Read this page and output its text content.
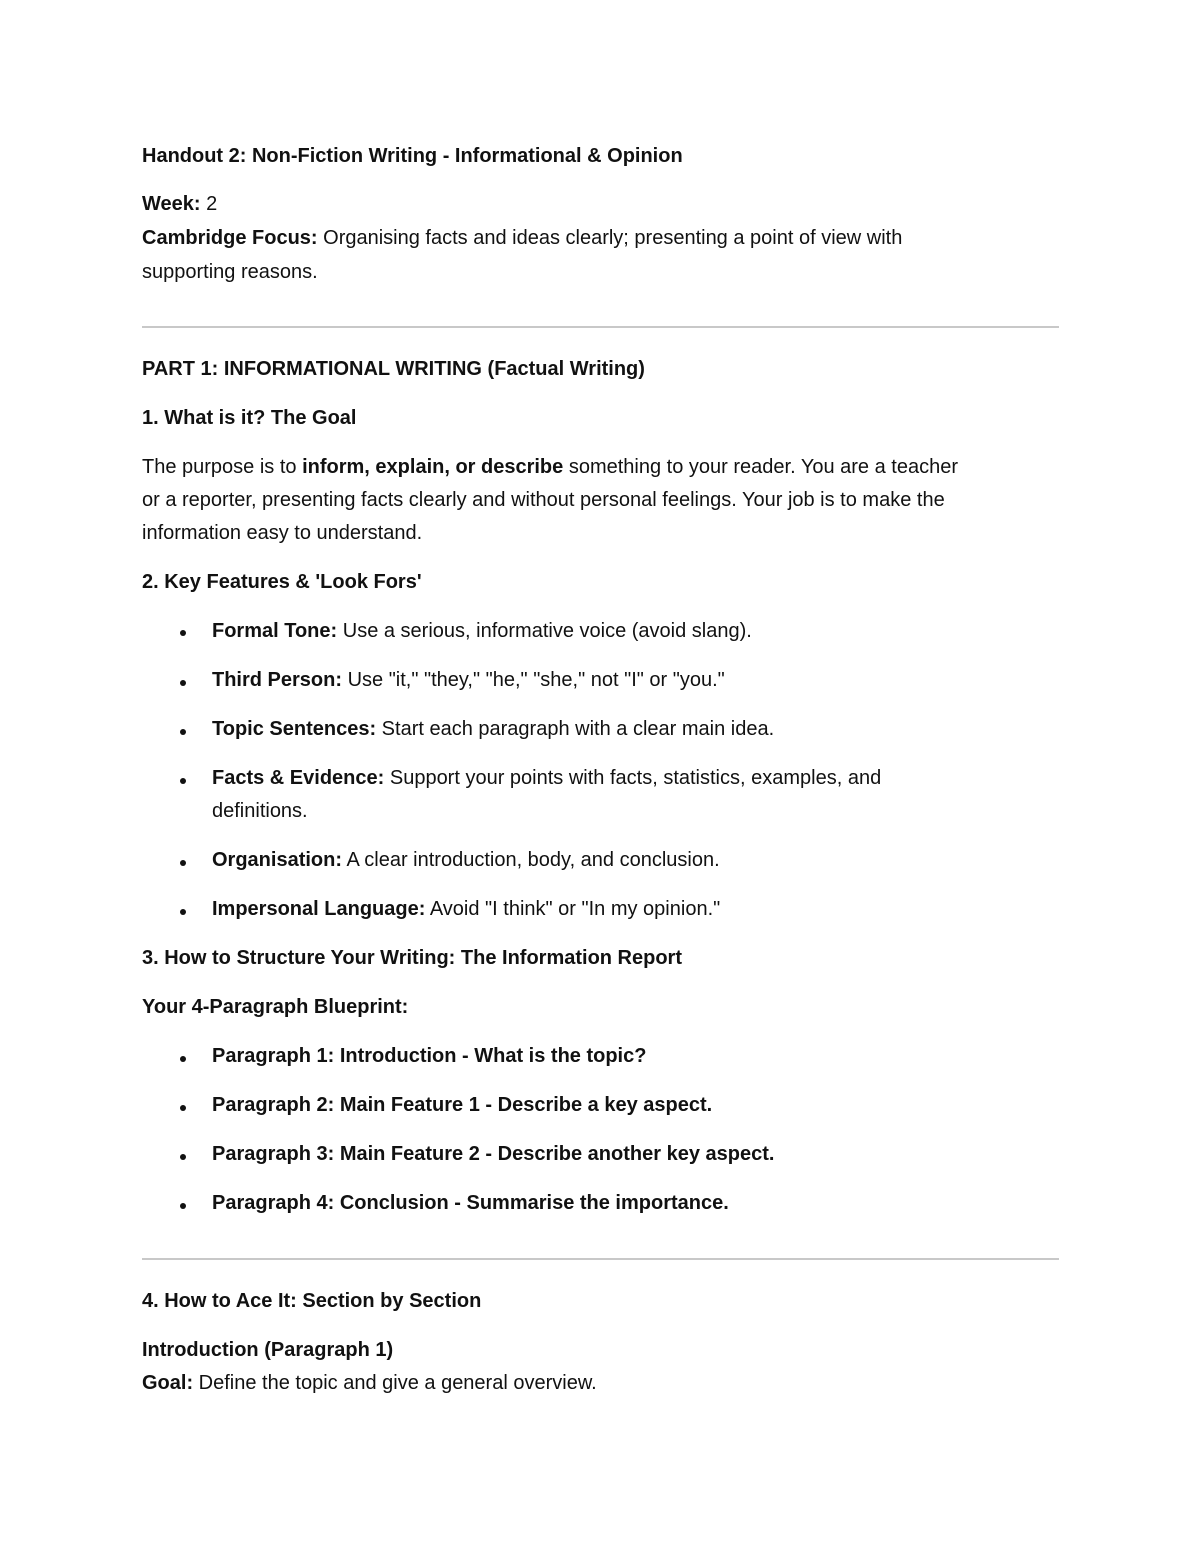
Handout 2: Non-Fiction Writing - Informational & Opinion
Week: 2
Cambridge Focus: Organising facts and ideas clearly; presenting a point of view with
supporting reasons.
PART 1: INFORMATIONAL WRITING (Factual Writing)
1. What is it? The Goal
The purpose is to inform, explain, or describe something to your reader. You are a teacher
or a reporter, presenting facts clearly and without personal feelings. Your job is to make the
information easy to understand.
2. Key Features & 'Look Fors'
Formal Tone: Use a serious, informative voice (avoid slang).
Third Person: Use "it," "they," "he," "she," not "I" or "you."
Topic Sentences: Start each paragraph with a clear main idea.
Facts & Evidence: Support your points with facts, statistics, examples, and
definitions.
Organisation: A clear introduction, body, and conclusion.
Impersonal Language: Avoid "I think" or "In my opinion."
3. How to Structure Your Writing: The Information Report
Your 4-Paragraph Blueprint:
Paragraph 1: Introduction - What is the topic?
Paragraph 2: Main Feature 1 - Describe a key aspect.
Paragraph 3: Main Feature 2 - Describe another key aspect.
Paragraph 4: Conclusion - Summarise the importance.
4. How to Ace It: Section by Section
Introduction (Paragraph 1)
Goal: Define the topic and give a general overview.
